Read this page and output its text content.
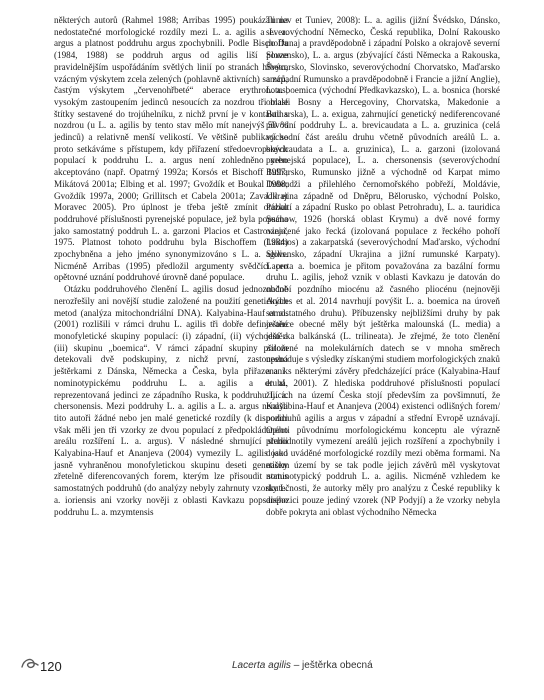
některých autorů (Rahmel 1988; Arribas 1995) poukázali na nedostatečné morfologické rozdíly mezi L. a. agilis a L. a. argus a platnost poddruhu argus zpochybnili. Podle Bischoffa (1984, 1988) se poddruh argus od agilis liší pouze pravidelnějším uspořádáním světlých linií po stranách hřbetu, vzácným výskytem zcela zelených (pohlavně aktivních) samců, častým výskytem „červenohřbeté“ aberace erythronotus, vysokým zastoupením jedinců nesoucích za nozdrou tři malé štítky sestavené do trojúhelníku, z nichž první je v kontaktu s nozdrou (u L. a. agilis by tento stav mělo mít nanejvýš 50 % jedinců) a relativně menší velikostí. Ve většině publikací se proto setkáváme s přístupem, kdy přiřazení středoevropských populací k poddruhu L. a. argus není zohledněno nebo akceptováno (např. Opatrný 1992a; Korsós et Bischoff 1997; Mikátová 2001a; Elbing et al. 1997; Gvoždík et Boukal 1998; Gvoždík 1997a, 2000; Grillitsch et Cabela 2001a; Zavadil et Moravec 2005). Pro úplnost je třeba ještě zmínit otázku poddruhové příslušnosti pyrenejské populace, jež byla popsána jako samostatný poddruh L. a. garzoni Placios et Castroviejo, 1975. Platnost tohoto poddruhu byla Bischoffem (1984) zpochybněna a jeho jméno synonymizováno s L. a. agilis. Nicméně Arribas (1995) předložil argumenty svědčící pro opětovné uznání poddruhové úrovně dané populace.

Otázku poddruhového členění L. agilis dosud jednoznačně nerozřešily ani novější studie založené na použití genetických metod (analýza mitochondriální DNA). Kalyabina-Hauf et al. (2001) rozlišili v rámci druhu L. agilis tři dobře definované monofyletické skupiny populací: (i) západní, (ii) východní a (iii) skupinu „boemica“. V rámci západní skupiny přitom detekovali dvě podskupiny, z nichž první, zastoupená ještěrkami z Dánska, Německa a Česka, byla přiřazena k nominotypickému poddruhu L. a. agilis a druhá, reprezentovaná jedinci ze západního Ruska, k poddruhu L. a. chersonensis. Mezi poddruhy L. a. agilis a L. a. argus nenašli tito autoři žádné nebo jen malé genetické rozdíly (k dispozici však měli jen tři vzorky ze dvou populací z předpokládaného areálu rozšíření L. a. argus). V následné shrnující studii Kalyabina-Hauf et Ananjeva (2004) vymezily L. agilis jako jasně vyhraněnou monofyletickou skupinu deseti geneticky zřetelně diferencovaných forem, kterým lze přisoudit status samostatných poddruhů (do analýzy nebyly zahrnuty vzorky L. a. ioriensis ani vzorky nověji z oblasti Kavkazu popsaného poddruhu L. a. mzymtensis

Tuniev et Tuniev, 2008): L. a. agilis (jižní Švédsko, Dánsko, severovýchodní Německo, Česká republika, Dolní Rakousko po Dunaj a pravděpodobně i západní Polsko a okrajově severní Slovensko), L. a. argus (zbývající části Německa a Rakouska, Švýcarsko, Slovinsko, severovýchodní Chorvatsko, Maďarsko a západní Rumunsko a pravděpodobně i Francie a jižní Anglie), L. a. boemica (východní Předkavkazsko), L. a. bosnica (horské oblasti Bosny a Hercegoviny, Chorvatska, Makedonie a Bulharska), L. a. exigua, zahrnující genetický nediferencované původní poddruhy L. a. brevicaudata a L. a. gruzinica (celá východní část areálu druhu včetně původních areálů L. a. brevicaudata a L. a. gruzinica), L. a. garzoni (izolovaná pyrenejská populace), L. a. chersonensis (severovýchodní Bulharsko, Rumunsko jižně a východně od Karpat mimo Dobrudži a přilehlého černomořského pobřeží, Moldávie, Ukrajina západně od Dněpru, Bělorusko, východní Polsko, Pobaltí a západní Rusko po oblast Petrohradu), L. a. tauridica Suchow, 1926 (horská oblast Krymu) a dvě nové formy označené jako řecká (izolovaná populace z řeckého pohoří Lakmos) a zakarpatská (severovýchodní Maďarsko, východní Slovensko, západní Ukrajina a jižní rumunské Karpaty). Lacerta a. boemica je přitom považována za bazální formu druhu L. agilis, jehož vznik v oblasti Kavkazu je datován do období pozdního miocénu až časného pliocénu (nejnověji Andres et al. 2014 navrhují povýšit L. a. boemica na úroveň samostatného druhu). Příbuzensky nejbližšími druhy by pak ještěrce obecné měly být ještěrka malounská (L. media) a ještěrka balkánská (L. trilineata). Je zřejmé, že toto členění založené na molekulárních datech se v mnoha směrech neshoduje s výsledky získanými studiem morfologických znaků a ani s některými závěry předcházející práce (Kalyabina-Hauf et al. 2001). Z hlediska poddruhové příslušnosti populací žijících na území Česka stojí především za povšimnutí, že Kalyabina-Hauf et Ananjeva (2004) existenci odlišných forem/ poddruhů agilis a argus v západní a střední Evropě uznávají. Oproti původnímu morfologickému konceptu ale výrazně přehodnotily vymezení areálů jejich rozšíření a zpochybnily i dosud uváděné morfologické rozdíly mezi oběma formami. Na našem území by se tak podle jejich závěrů měl vyskytovat nominotypický poddruh L. a. agilis. Nicméně vzhledem ke skutečnosti, že autorky měly pro analýzu z České republiky k dispozici pouze jediný vzorek (NP Podyjí) a že vzorky nebyla dobře pokryta ani oblast východního Německa

120	Lacerta agilis – ještěrka obecná
